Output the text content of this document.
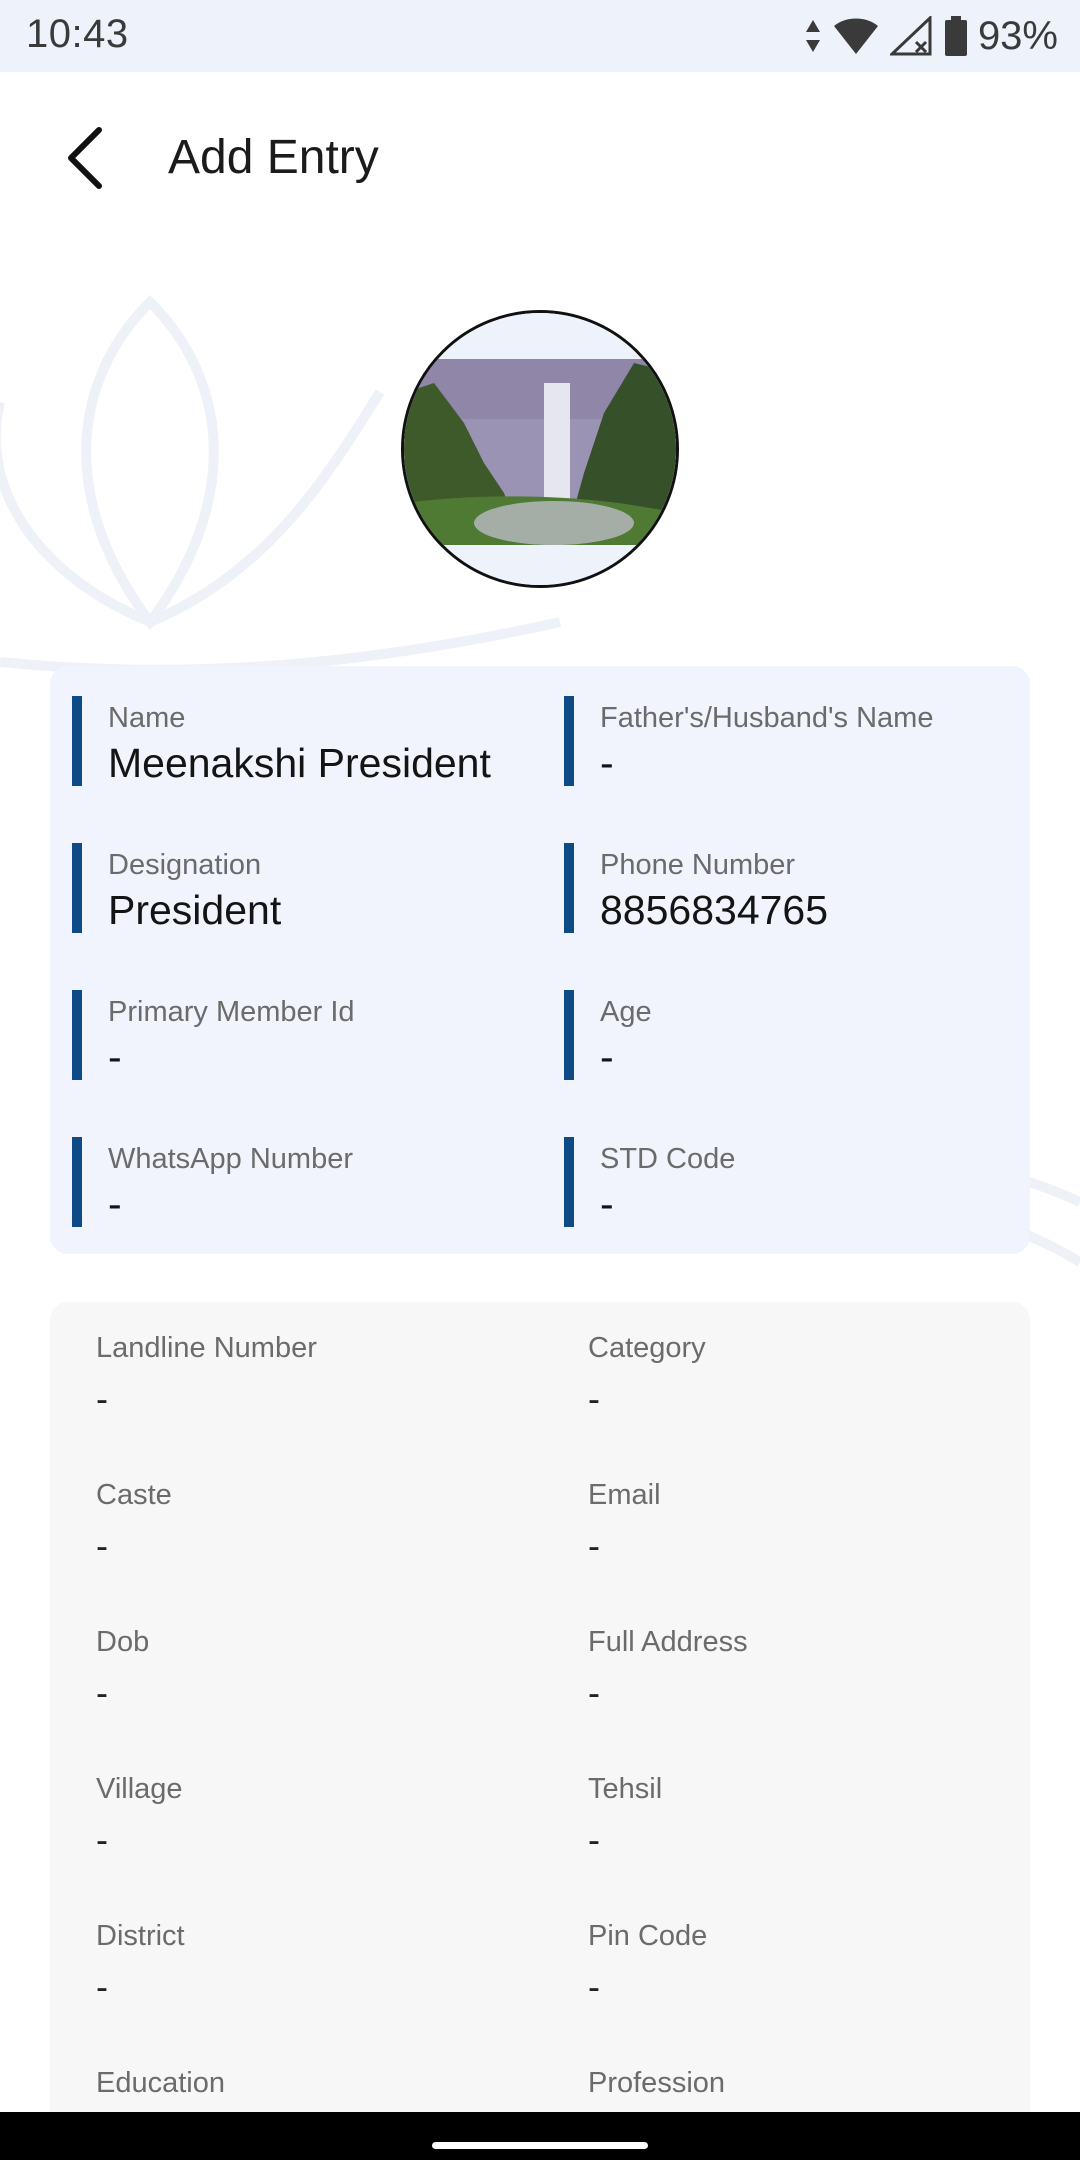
10:43	93%
Add Entry
Name
Meenakshi President
Father's/Husband's Name
-
Designation
President
Phone Number
8856834765
Primary Member Id
-
Age
-
WhatsApp Number
-
STD Code
-
Landline Number
-
Category
-
Caste
-
Email
-
Dob
-
Full Address
-
Village
-
Tehsil
-
District
-
Pin Code
-
Education	Profession
